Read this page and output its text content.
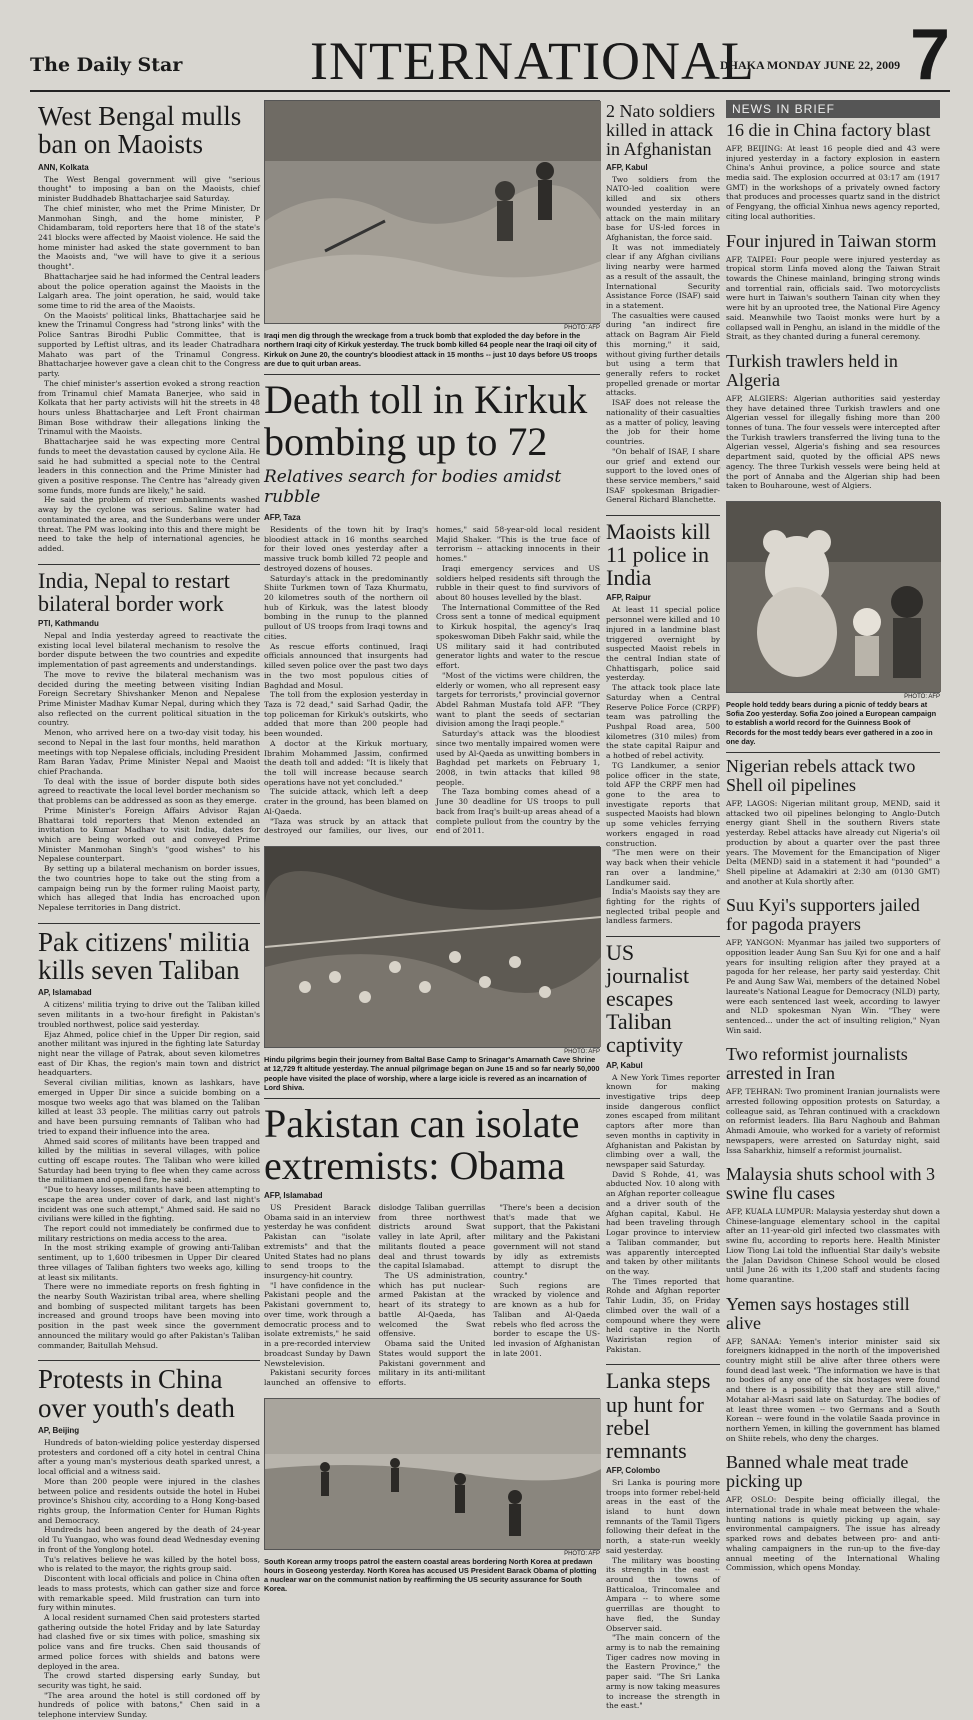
The Daily Star INTERNATIONAL
DHAKA MONDAY JUNE 22, 2009 7
West Bengal mulls ban on Maoists
ANN, Kolkata

The West Bengal government will give "serious thought" to imposing a ban on the Maoists, chief minister Buddhadeb Bhattacharjee said Saturday.

The chief minister, who met the Prime Minister, Dr Manmohan Singh, and the home minister, P Chidambaram, told reporters here that 18 of the state's 241 blocks were affected by Maoist violence. He said the home minister had asked the state government to ban the Maoists and, "we will have to give it a serious thought".

Bhattacharjee said he had informed the Central leaders about the police operation against the Maoists in the Lalgarh area. The joint operation, he said, would take some time to rid the area of the Maoists.

On the Maoists' political links, Bhattacharjee said he knew the Trinamul Congress had "strong links" with the Police Santras Birodhi Public Committee, that is supported by Leftist ultras, and its leader Chatradhara Mahato was part of the Trinamul Congress. Bhattacharjee however gave a clean chit to the Congress party.

The chief minister's assertion evoked a strong reaction from Trinamul chief Mamata Banerjee, who said in Kolkata that her party activists will hit the streets in 48 hours unless Bhattacharjee and Left Front chairman Biman Bose withdraw their allegations linking the Trinamul with the Maoists.

Bhattacharjee said he was expecting more Central funds to meet the devastation caused by cyclone Aila. He said he had submitted a special note to the Central leaders in this connection and the Prime Minister had given a positive response. The Centre has "already given some funds, more funds are likely," he said.

He said the problem of river embankments washed away by the cyclone was serious. Saline water had contaminated the area, and the Sunderbans were under threat. The PM was looking into this and there might be need to take the help of international agencies, he added.

India, Nepal to restart bilateral border work
PTI, Kathmandu

Nepal and India yesterday agreed to reactivate the existing local level bilateral mechanism to resolve the border dispute between the two countries and expedite implementation of past agreements and understandings.

The move to revive the bilateral mechanism was decided during the meeting between visiting Indian Foreign Secretary Shivshanker Menon and Nepalese Prime Minister Madhav Kumar Nepal, during which they also reflected on the current political situation in the country.

Menon, who arrived here on a two-day visit today, his second to Nepal in the last four months, held marathon meetings with top Nepalese officials, including President Ram Baran Yadav, Prime Minister Nepal and Maoist chief Prachanda.

To deal with the issue of border dispute both sides agreed to reactivate the local level border mechanism so that problems can be addressed as soon as they emerge.

Prime Minister's Foreign Affairs Advisor Rajan Bhattarai told reporters that Menon extended an invitation to Kumar Madhav to visit India, dates for which are being worked out and conveyed Prime Minister Manmohan Singh's "good wishes" to his Nepalese counterpart.

By setting up a bilateral mechanism on border issues, the two countries hope to take out the sting from a campaign being run by the former ruling Maoist party, which has alleged that India has encroached upon Nepalese territories in Dang district.

Pak citizens' militia kills seven Taliban
AP, Islamabad

A citizens' militia trying to drive out the Taliban killed seven militants in a two-hour firefight in Pakistan's troubled northwest, police said yesterday.

Ejaz Ahmed, police chief in the Upper Dir region, said another militant was injured in the fighting late Saturday night near the village of Patrak, about seven kilometres east of Dir Khas, the region's main town and district headquarters.

Several civilian militias, known as lashkars, have emerged in Upper Dir since a suicide bombing on a mosque two weeks ago that was blamed on the Taliban killed at least 33 people. The militias carry out patrols and have been pursuing remnants of Taliban who had tried to expand their influence into the area.

Ahmed said scores of militants have been trapped and killed by the militias in several villages, with police cutting off escape routes. The Taliban who were killed Saturday had been trying to flee when they came across the militiamen and opened fire, he said.

"Due to heavy losses, militants have been attempting to escape the area under cover of dark, and last night's incident was one such attempt," Ahmed said. He said no civilians were killed in the fighting.

The report could not immediately be confirmed due to military restrictions on media access to the area.

In the most striking example of growing anti-Taliban sentiment, up to 1,600 tribesmen in Upper Dir cleared three villages of Taliban fighters two weeks ago, killing at least six militants.

There were no immediate reports on fresh fighting in the nearby South Waziristan tribal area, where shelling and bombing of suspected militant targets has been increased and ground troops have been moving into position in the past week since the government announced the military would go after Pakistan's Taliban commander, Baitullah Mehsud.

Protests in China over youth's death
AP, Beijing

Hundreds of baton-wielding police yesterday dispersed protesters and cordoned off a city hotel in central China after a young man's mysterious death sparked unrest, a local official and a witness said.

More than 200 people were injured in the clashes between police and residents outside the hotel in Hubei province's Shishou city, according to a Hong Kong-based rights group, the Information Center for Human Rights and Democracy.

Hundreds had been angered by the death of 24-year old Tu Yuangao, who was found dead Wednesday evening in front of the Yonglong hotel.

Tu's relatives believe he was killed by the hotel boss, who is related to the mayor, the rights group said.

Discontent with local officials and police in China often leads to mass protests, which can gather size and force with remarkable speed. Mild frustration can turn into fury within minutes.

A local resident surnamed Chen said protesters started gathering outside the hotel Friday and by late Saturday had clashed five or six times with police, smashing six police vans and fire trucks. Chen said thousands of armed police forces with shields and batons were deployed in the area.

The crowd started dispersing early Sunday, but security was tight, he said.

"The area around the hotel is still cordoned off by hundreds of police with batons," Chen said in a telephone interview Sunday.

PHOTO: AFP
Iraqi men dig through the wreckage from a truck bomb that exploded the day before in the northern Iraqi city of Kirkuk yesterday. The truck bomb killed 64 people near the Iraqi oil city of Kirkuk on June 20, the country's bloodiest attack in 15 months -- just 10 days before US troops are due to quit urban areas.
Death toll in Kirkuk bombing up to 72
Relatives search for bodies amidst rubble
AFP, Taza

Residents of the town hit by Iraq's bloodiest attack in 16 months searched for their loved ones yesterday after a massive truck bomb killed 72 people and destroyed dozens of houses.

Saturday's attack in the predominantly Shiite Turkmen town of Taza Khurmatu, 20 kilometres south of the northern oil hub of Kirkuk, was the latest bloody bombing in the runup to the planned pullout of US troops from Iraqi towns and cities.

As rescue efforts continued, Iraqi officials announced that insurgents had killed seven police over the past two days in the two most populous cities of Baghdad and Mosul.

The toll from the explosion yesterday in Taza is 72 dead," said Sarhad Qadir, the top policeman for Kirkuk's outskirts, who added that more than 200 people had been wounded.

A doctor at the Kirkuk mortuary, Ibrahim Mohammed Jassim, confirmed the death toll and added: "It is likely that the toll will increase because search operations have not yet concluded."

The suicide attack, which left a deep crater in the ground, has been blamed on Al-Qaeda.

"Taza was struck by an attack that destroyed our families, our lives, our homes," said 58-year-old local resident Majid Shaker. "This is the true face of terrorism -- attacking innocents in their homes."

Iraqi emergency services and US soldiers helped residents sift through the rubble in their quest to find survivors of about 80 houses levelled by the blast.

The International Committee of the Red Cross sent a tonne of medical equipment to Kirkuk hospital, the agency's Iraq spokeswoman Dibeh Fakhr said, while the US military said it had contributed generator lights and water to the rescue effort.

"Most of the victims were children, the elderly or women, who all represent easy targets for terrorists," provincial governor Abdel Rahman Mustafa told AFP. "They want to plant the seeds of sectarian division among the Iraqi people."

Saturday's attack was the bloodiest since two mentally impaired women were used by Al-Qaeda as unwitting bombers in Baghdad pet markets on February 1, 2008, in twin attacks that killed 98 people.

The Taza bombing comes ahead of a June 30 deadline for US troops to pull back from Iraq's built-up areas ahead of a complete pullout from the country by the end of 2011.

PHOTO: AFP
Hindu pilgrims begin their journey from Baltal Base Camp to Srinagar's Amarnath Cave Shrine at 12,729 ft altitude yesterday. The annual pilgrimage began on June 15 and so far nearly 50,000 people have visited the place of worship, where a large icicle is revered as an incarnation of Lord Shiva.
Pakistan can isolate extremists: Obama
AFP, Islamabad

US President Barack Obama said in an interview yesterday he was confident Pakistan can "isolate extremists" and that the United States had no plans to send troops to the insurgency-hit country.

"I have confidence in the Pakistani people and the Pakistani government to, over time, work through a democratic process and to isolate extremists," he said in a pre-recorded interview broadcast Sunday by Dawn Newstelevision.

Pakistani security forces launched an offensive to dislodge Taliban guerrillas from three northwest districts around Swat valley in late April, after militants flouted a peace deal and thrust towards the capital Islamabad.

The US administration, which has put nuclear-armed Pakistan at the heart of its strategy to battle Al-Qaeda, has welcomed the Swat offensive.

Obama said the United States would support the Pakistani government and military in its anti-militant efforts.

"There's been a decision that's made that we support, that the Pakistani military and the Pakistani government will not stand by idly as extremists attempt to disrupt the country."

Such regions are wracked by violence and are known as a hub for Taliban and Al-Qaeda rebels who fled across the border to escape the US-led invasion of Afghanistan in late 2001.

PHOTO: AFP
South Korean army troops patrol the eastern coastal areas bordering North Korea at predawn hours in Goseong yesterday. North Korea has accused US President Barack Obama of plotting a nuclear war on the communist nation by reaffirming the US security assurance for South Korea.
2 Nato soldiers killed in attack in Afghanistan
AFP, Kabul

Two soldiers from the NATO-led coalition were killed and six others wounded yesterday in an attack on the main military base for US-led forces in Afghanistan, the force said.

It was not immediately clear if any Afghan civilians living nearby were harmed as a result of the assault, the International Security Assistance Force (ISAF) said in a statement.

The casualties were caused during "an indirect fire attack on Bagram Air Field this morning," it said, without giving further details but using a term that generally refers to rocket propelled grenade or mortar attacks.

ISAF does not release the nationality of their casualties as a matter of policy, leaving the job for their home countries.

"On behalf of ISAF, I share our grief and extend our support to the loved ones of these service members," said ISAF spokesman Brigadier-General Richard Blanchette.

Maoists kill 11 police in India
AFP, Raipur

At least 11 special police personnel were killed and 10 injured in a landmine blast triggered overnight by suspected Maoist rebels in the central Indian state of Chhattisgarh, police said yesterday.

The attack took place late Saturday when a Central Reserve Police Force (CRPF) team was patrolling the Pushpal Road area, 500 kilometres (310 miles) from the state capital Raipur and a hotbed of rebel activity.

TG Landkumer, a senior police officer in the state, told AFP the CRPF men had gone to the area to investigate reports that suspected Maoists had blown up some vehicles ferrying workers engaged in road construction.

"The men were on their way back when their vehicle ran over a landmine," Landkumer said.

India's Maoists say they are fighting for the rights of neglected tribal people and landless farmers.

US journalist escapes Taliban captivity
AP, Kabul

A New York Times reporter known for making investigative trips deep inside dangerous conflict zones escaped from militant captors after more than seven months in captivity in Afghanistan and Pakistan by climbing over a wall, the newspaper said Saturday.

David S Rohde, 41, was abducted Nov. 10 along with an Afghan reporter colleague and a driver south of the Afghan capital, Kabul. He had been traveling through Logar province to interview a Taliban commander, but was apparently intercepted and taken by other militants on the way.

The Times reported that Rohde and Afghan reporter Tahir Ludin, 35, on Friday climbed over the wall of a compound where they were held captive in the North Waziristan region of Pakistan.

Lanka steps up hunt for rebel remnants
AFP, Colombo

Sri Lanka is pouring more troops into former rebel-held areas in the east of the island to hunt down remnants of the Tamil Tigers following their defeat in the north, a state-run weekly said yesterday.

The military was boosting its strength in the east -- around the towns of Batticaloa, Trincomalee and Ampara -- to where some guerrillas are thought to have fled, the Sunday Observer said.

"The main concern of the army is to nab the remaining Tiger cadres now moving in the Eastern Province," the paper said. "The Sri Lanka army is now taking measures to increase the strength in the east."

NEWS IN BRIEF
16 die in China factory blast
AFP, BEIJING: At least 16 people died and 43 were injured yesterday in a factory explosion in eastern China's Anhui province, a police source and state media said. The explosion occurred at 03:17 am (1917 GMT) in the workshops of a privately owned factory that produces and processes quartz sand in the district of Fengyang, the official Xinhua news agency reported, citing local authorities.
Four injured in Taiwan storm
AFP, TAIPEI: Four people were injured yesterday as tropical storm Linfa moved along the Taiwan Strait towards the Chinese mainland, bringing strong winds and torrential rain, officials said. Two motorcyclists were hurt in Taiwan's southern Tainan city when they were hit by an uprooted tree, the National Fire Agency said. Meanwhile two Taoist monks were hurt by a collapsed wall in Penghu, an island in the middle of the Strait, as they chanted during a funeral ceremony.
Turkish trawlers held in Algeria
AFP, ALGIERS: Algerian authorities said yesterday they have detained three Turkish trawlers and one Algerian vessel for illegally fishing more than 200 tonnes of tuna. The four vessels were intercepted after the Turkish trawlers transferred the living tuna to the Algerian vessel, Algeria's fishing and sea resources department said, quoted by the official APS news agency. The three Turkish vessels were being held at the port of Annaba and the Algerian ship had been taken to Bouharoune, west of Algiers.
PHOTO: AFP
People hold teddy bears during a picnic of teddy bears at Sofia Zoo yesterday. Sofia Zoo joined a European campaign to establish a world record for the Guinness Book of Records for the most teddy bears ever gathered in a zoo in one day.
Nigerian rebels attack two Shell oil pipelines
AFP, LAGOS: Nigerian militant group, MEND, said it attacked two oil pipelines belonging to Anglo-Dutch energy giant Shell in the southern Rivers state yesterday. Rebel attacks have already cut Nigeria's oil production by about a quarter over the past three years. The Movement for the Emancipation of Niger Delta (MEND) said in a statement it had "pounded" a Shell pipeline at Adamakiri at 2:30 am (0130 GMT) and another at Kula shortly after.
Suu Kyi's supporters jailed for pagoda prayers
AFP, YANGON: Myanmar has jailed two supporters of opposition leader Aung San Suu Kyi for one and a half years for insulting religion after they prayed at a pagoda for her release, her party said yesterday. Chit Pe and Aung Saw Wai, members of the detained Nobel laureate's National League for Democracy (NLD) party, were each sentenced last week, according to lawyer and NLD spokesman Nyan Win. "They were sentenced... under the act of insulting religion," Nyan Win said.
Two reformist journalists arrested in Iran
AFP, TEHRAN: Two prominent Iranian journalists were arrested following opposition protests on Saturday, a colleague said, as Tehran continued with a crackdown on reformist leaders. Ilia Baru Naghoub and Bahman Ahmadi Amouie, who worked for a variety of reformist newspapers, were arrested on Saturday night, said Issa Saharkhiz, himself a reformist journalist.
Malaysia shuts school with 3 swine flu cases
AFP, KUALA LUMPUR: Malaysia yesterday shut down a Chinese-language elementary school in the capital after an 11-year-old girl infected two classmates with swine flu, according to reports here. Health Minister Liow Tiong Lai told the influential Star daily's website the Jalan Davidson Chinese School would be closed until June 26 with its 1,200 staff and students facing home quarantine.
Yemen says hostages still alive
AFP, SANAA: Yemen's interior minister said six foreigners kidnapped in the north of the impoverished country might still be alive after three others were found dead last week. "The information we have is that no bodies of any one of the six hostages were found and there is a possibility that they are still alive," Motahar al-Masri said late on Saturday. The bodies of at least three women -- two Germans and a South Korean -- were found in the volatile Saada province in northern Yemen, in killing the government has blamed on Shiite rebels, who deny the charges.
Banned whale meat trade picking up
AFP, OSLO: Despite being officially illegal, the international trade in whale meat between the whale-hunting nations is quietly picking up again, say environmental campaigners. The issue has already sparked rows and debates between pro- and anti-whaling campaigners in the run-up to the five-day annual meeting of the International Whaling Commission, which opens Monday.
